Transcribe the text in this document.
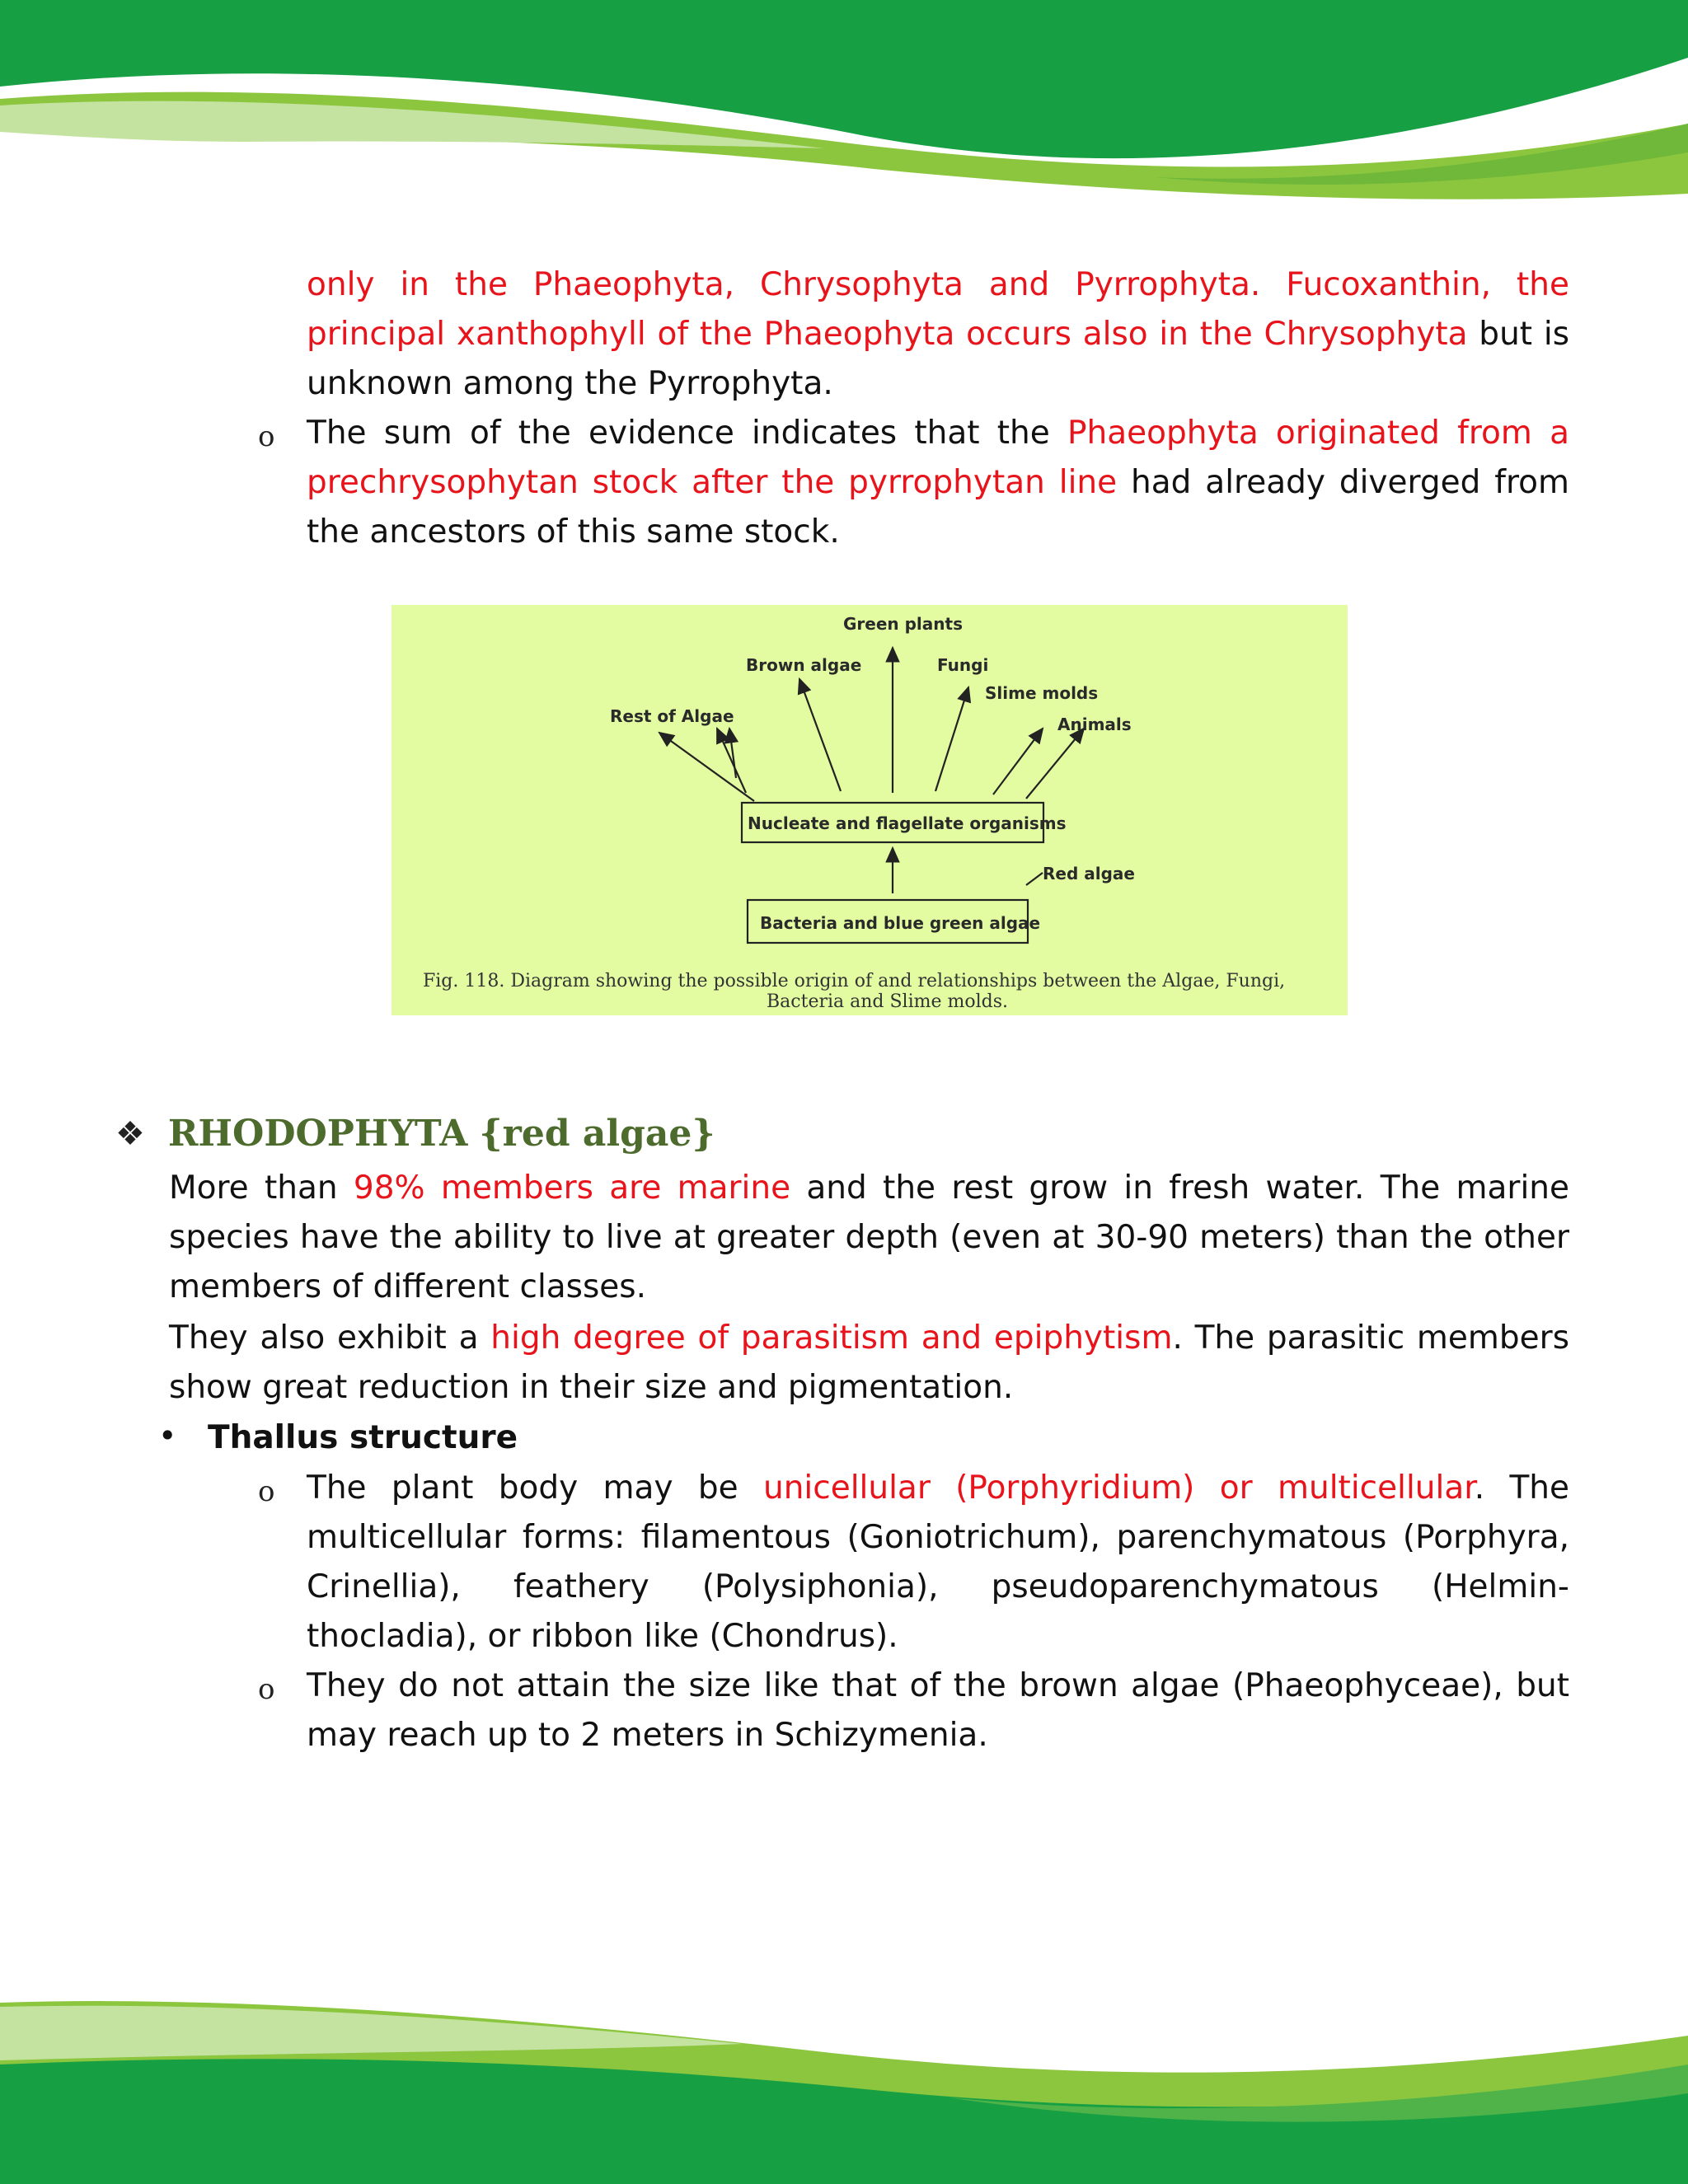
only in the Phaeophyta, Chrysophyta and Pyrrophyta. Fucoxanthin, the principal xanthophyll of the Phaeophyta occurs also in the Chrysophyta but is unknown among the Pyrrophyta.

o The sum of the evidence indicates that the Phaeophyta originated from a prechrysophytan stock after the pyrrophytan line had already diverged from the ancestors of this same stock.

Green plants
Brown algae	Fungi
Slime molds
Animals
Rest of Algae
Nucleate and flagellate organisms
Red algae
Bacteria and blue green algae
Fig. 118. Diagram showing the possible origin of and relationships between the Algae, Fungi,
Bacteria and Slime molds.
❖ RHODOPHYTA {red algae}

More than 98% members are marine and the rest grow in fresh water. The marine species have the ability to live at greater depth (even at 30-90 meters) than the other members of different classes.

They also exhibit a high degree of parasitism and epiphytism. The parasitic members show great reduction in their size and pigmentation.

• Thallus structure
o The plant body may be unicellular (Porphyridium) or multicellular. The multicellular forms: filamentous (Goniotrichum), parenchymatous (Porphyra, Crinellia), feathery (Polysiphonia), pseudoparenchymatous (Helmin- thocladia), or ribbon like (Chondrus).

o They do not attain the size like that of the brown algae (Phaeophyceae), but may reach up to 2 meters in Schizymenia.
